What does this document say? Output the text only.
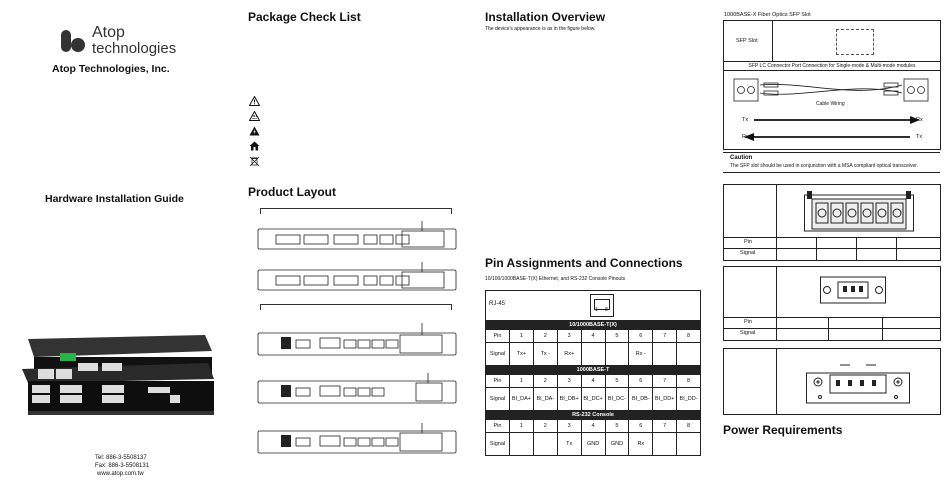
Atop
technologies
Atop Technologies, Inc.
Hardware Installation Guide
Tel: 886-3-5508137
Fax: 886-3-5508131
www.atop.com.tw
Package Check List
Product Layout
Installation Overview
The device's appearance is as in the figure below.
Pin Assignments and Connections
10/100/1000BASE-T(X) Ethernet, and RS-232 Console Pinouts
RJ-45
1 8
10/1000BASE-T(X)								
Pin	1	2	3	4	5	6	7	8
Signal	Tx+	Tx -	Rx+			Rx -		
1000BASE-T								
Pin	1	2	3	4	5	6	7	8
Signal	BI_DA+	BI_DA-	BI_DB+	BI_DC+	BI_DC-	BI_DB-	BI_DD+	BI_DD-
RS-232 Console								
Pin	1	2	3	4	5	6	7	8
Signal			Tx	GND	GND	Rx		
1000BASE-X Fiber Optics SFP Slot
SFP Slot
SFP LC Connector Port Connection for Single-mode & Multi-mode modules
Cable Wiring
Tx	Rx
Rx	Tx
Caution
The SFP slot should be used in conjunction with a MSA compliant optical transceiver.
Pin
Signal
Pin
Signal
Power Requirements
